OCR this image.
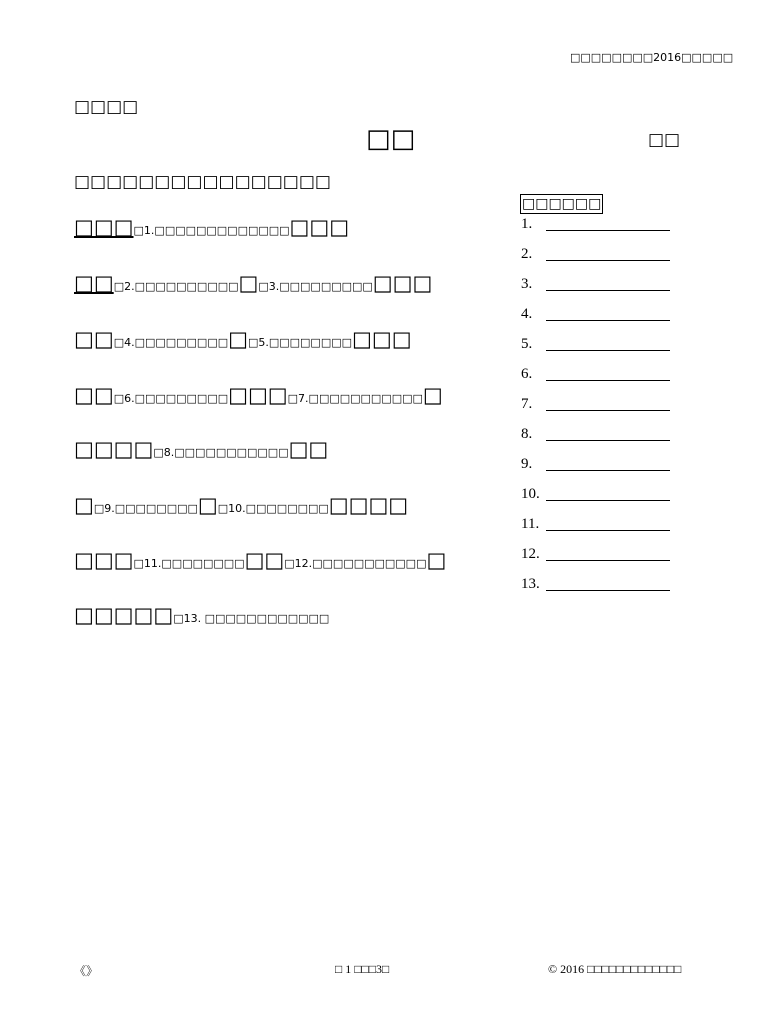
□□□□□□□□2016□□□□□
□□□□
□□	□□
□□□□□□□□□□□□□□□□
□□□□1.□□□□□□□□□□□□□□□□
□□□2.□□□□□□□□□□□□3.□□□□□□□□□□□□
□□□4.□□□□□□□□□□□5.□□□□□□□□□□□
□□□6.□□□□□□□□□□□□□7.□□□□□□□□□□□□
□□□□□8.□□□□□□□□□□□□□
□□9.□□□□□□□□□□10.□□□□□□□□□□□□
□□□□11.□□□□□□□□□□□12.□□□□□□□□□□□□
□□□□□□13. □□□□□□□□□□□□
□□□□□□
1.
2.
3.
4.
5.
6.
7.
8.
9.
10.
11.
12.
13.
《》	□ 1 □□□3□	© 2016 □□□□□□□□□□□□□
